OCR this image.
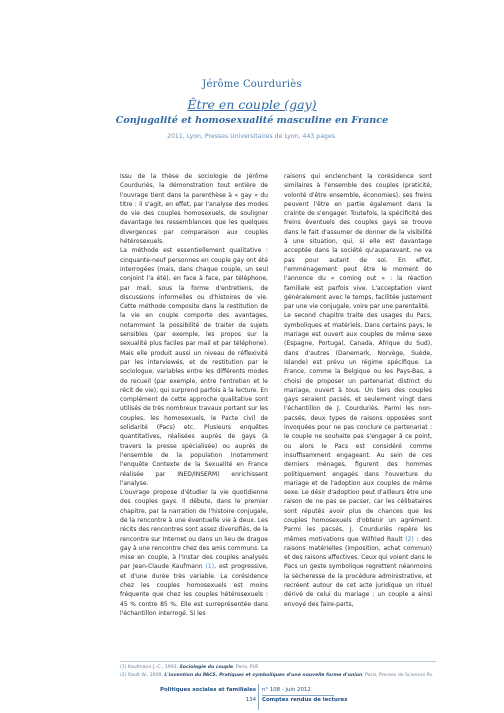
Jérôme Courduriès
Être en couple (gay)
Conjugalité et homosexualité masculine en France
2011, Lyon, Presses Universitaires de Lyon, 443 pages.

Issu de la thèse de sociologie de Jérôme Courduriès, la démonstration tout entière de l'ouvrage tient dans la parenthèse à « gay » du titre : il s'agit, en effet, par l'analyse des modes de vie des couples homosexuels, de souligner davantage les ressemblances que les quelques divergences par comparaison aux couples hétérosexuels.

La méthode est essentiellement qualitative : cinquante-neuf personnes en couple gay ont été interrogées (mais, dans chaque couple, un seul conjoint l'a été), en face à face, par téléphone, par mail, sous la forme d'entretiens, de discussions informelles ou d'histoires de vie. Cette méthode composite dans la restitution de la vie en couple comporte des avantages, notamment la possibilité de traiter de sujets sensibles (par exemple, les propos sur la sexualité plus faciles par mail et par téléphone). Mais elle produit aussi un niveau de réflexivité par les interviewés, et de restitution par le sociologue, variables entre les différents modes de recueil (par exemple, entre l'entretien et le récit de vie), qui surprend parfois à la lecture. En complément de cette approche qualitative sont utilisés de très nombreux travaux portant sur les couples, les homosexuels, le Pacte civil de solidarité (Pacs) etc. Plusieurs enquêtes quantitatives, réalisées auprès de gays (à travers la presse spécialisée) ou auprès de l'ensemble de la population (notamment l'enquête Contexte de la Sexualité en France réalisée par INED/INSERM) enrichissent l'analyse.

L'ouvrage propose d'étudier la vie quotidienne des couples gays. Il débute, dans le premier chapitre, par la narration de l'histoire conjugale, de la rencontre à une éventuelle vie à deux. Les récits des rencontres sont assez diversifiés, de la rencontre sur Internet ou dans un lieu de drague gay à une rencontre chez des amis communs. La mise en couple, à l'instar des couples analysés par Jean-Claude Kaufmann (1), est progressive, et d'une durée très variable. La corésidence chez les couples homosexuels est moins fréquente que chez les couples hétérosexuels : 45 % contre 85 %. Elle est surreprésentée dans l'échantillon interrogé. Si les

raisons qui enclenchent la corésidence sont similaires à l'ensemble des couples (praticité, volonté d'être ensemble, économies), ses freins peuvent l'être en partie également dans la crainte de s'engager. Toutefois, la spécificité des freins éventuels des couples gays se trouve dans le fait d'assumer de donner de la visibilité à une situation, qui, si elle est davantage acceptée dans la société qu'auparavant, ne va pas pour autant de soi. En effet, l'emménagement peut être le moment de l'annonce du « coming out » : la réaction familiale est parfois vive. L'acceptation vient généralement avec le temps, facilitée justement par une vie conjugale, voire par une parentalité.

Le second chapitre traite des usages du Pacs, symboliques et matériels. Dans certains pays, le mariage est ouvert aux couples de même sexe (Espagne, Portugal, Canada, Afrique du Sud), dans d'autres (Danemark, Norvège, Suède, Islande) est prévu un régime spécifique. La France, comme la Belgique ou les Pays-Bas, a choisi de proposer un partenariat distinct du mariage, ouvert à tous. Un tiers des couples gays seraient pacsés, et seulement vingt dans l'échantillon de J. Courduriès. Parmi les non-pacsés, deux types de raisons opposées sont invoquées pour ne pas conclure ce partenariat : le couple ne souhaite pas s'engager à ce point, ou alors le Pacs est considéré comme insuffisamment engageant. Au sein de ces derniers ménages, figurent des hommes politiquement engagés dans l'ouverture du mariage et de l'adoption aux couples de même sexe. Le désir d'adoption peut d'ailleurs être une raison de ne pas se pacser, car les célibataires sont réputés avoir plus de chances que les couples homosexuels d'obtenir un agrément. Parmi les pacsés, J. Courduriès repère les mêmes motivations que Wilfried Rault (2) : des raisons matérielles (imposition, achat commun) et des raisons affectives. Ceux qui voient dans le Pacs un geste symbolique regrettent néanmoins la sécheresse de la procédure administrative, et recréent autour de cet acte juridique un rituel dérivé de celui du mariage : un couple a ainsi envoyé des faire-parts,

(1) Kaufmann J.-C., 1993, Sociologie du couple, Paris, PUF.
(2) Rault W., 2009, L'invention du PACS. Pratiques et symboliques d'une nouvelle forme d'union, Paris, Presses de Sciences Po.
Politiques sociales et familiales n° 108 - juin 2012
134 Comptes rendus de lectures
